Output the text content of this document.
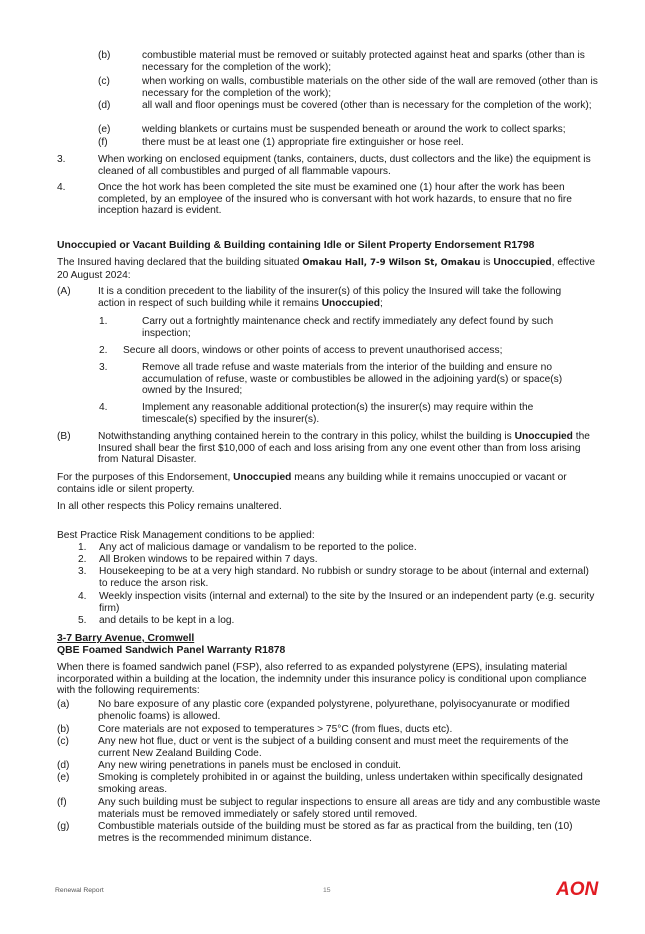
(b)	combustible material must be removed or suitably protected against heat and sparks (other than is necessary for the completion of the work);
(c)	when working on walls, combustible materials on the other side of the wall are removed (other than is necessary for the completion of the work);
(d)	all wall and floor openings must be covered (other than is necessary for the completion of the work);
(e)	welding blankets or curtains must be suspended beneath or around the work to collect sparks;
(f)	there must be at least one (1) appropriate fire extinguisher or hose reel.
3.	When working on enclosed equipment (tanks, containers, ducts, dust collectors and the like) the equipment is cleaned of all combustibles and purged of all flammable vapours.
4.	Once the hot work has been completed the site must be examined one (1) hour after the work has been completed, by an employee of the insured who is conversant with hot work hazards, to ensure that no fire inception hazard is evident.
Unoccupied or Vacant Building & Building containing Idle or Silent Property Endorsement R1798
The Insured having declared that the building situated Omakau Hall, 7-9 Wilson St, Omakau is Unoccupied, effective 20 August 2024:
(A)	It is a condition precedent to the liability of the insurer(s) of this policy the Insured will take the following action in respect of such building while it remains Unoccupied;
1.	Carry out a fortnightly maintenance check and rectify immediately any defect found by such inspection;
2. Secure all doors, windows or other points of access to prevent unauthorised access;
3.	Remove all trade refuse and waste materials from the interior of the building and ensure no accumulation of refuse, waste or combustibles be allowed in the adjoining yard(s) or space(s) owned by the Insured;
4.	Implement any reasonable additional protection(s) the insurer(s) may require within the timescale(s) specified by the insurer(s).
(B)	Notwithstanding anything contained herein to the contrary in this policy, whilst the building is Unoccupied the Insured shall bear the first $10,000 of each and loss arising from any one event other than from loss arising from Natural Disaster.
For the purposes of this Endorsement, Unoccupied means any building while it remains unoccupied or vacant or contains idle or silent property.
In all other respects this Policy remains unaltered.
Best Practice Risk Management conditions to be applied:
1. Any act of malicious damage or vandalism to be reported to the police.
2. All Broken windows to be repaired within 7 days.
3. Housekeeping to be at a very high standard. No rubbish or sundry storage to be about (internal and external) to reduce the arson risk.
4. Weekly inspection visits (internal and external) to the site by the Insured or an independent party (e.g. security firm)
5. and details to be kept in a log.
3-7 Barry Avenue, Cromwell
QBE Foamed Sandwich Panel Warranty R1878
When there is foamed sandwich panel (FSP), also referred to as expanded polystyrene (EPS), insulating material incorporated within a building at the location, the indemnity under this insurance policy is conditional upon compliance with the following requirements:
(a)	No bare exposure of any plastic core (expanded polystyrene, polyurethane, polyisocyanurate or modified phenolic foams) is allowed.
(b)	Core materials are not exposed to temperatures > 75°C (from flues, ducts etc).
(c)	Any new hot flue, duct or vent is the subject of a building consent and must meet the requirements of the current New Zealand Building Code.
(d)	Any new wiring penetrations in panels must be enclosed in conduit.
(e)	Smoking is completely prohibited in or against the building, unless undertaken within specifically designated smoking areas.
(f)	Any such building must be subject to regular inspections to ensure all areas are tidy and any combustible waste materials must be removed immediately or safely stored until removed.
(g)	Combustible materials outside of the building must be stored as far as practical from the building, ten (10) metres is the recommended minimum distance.
Renewal Report	15	AON
